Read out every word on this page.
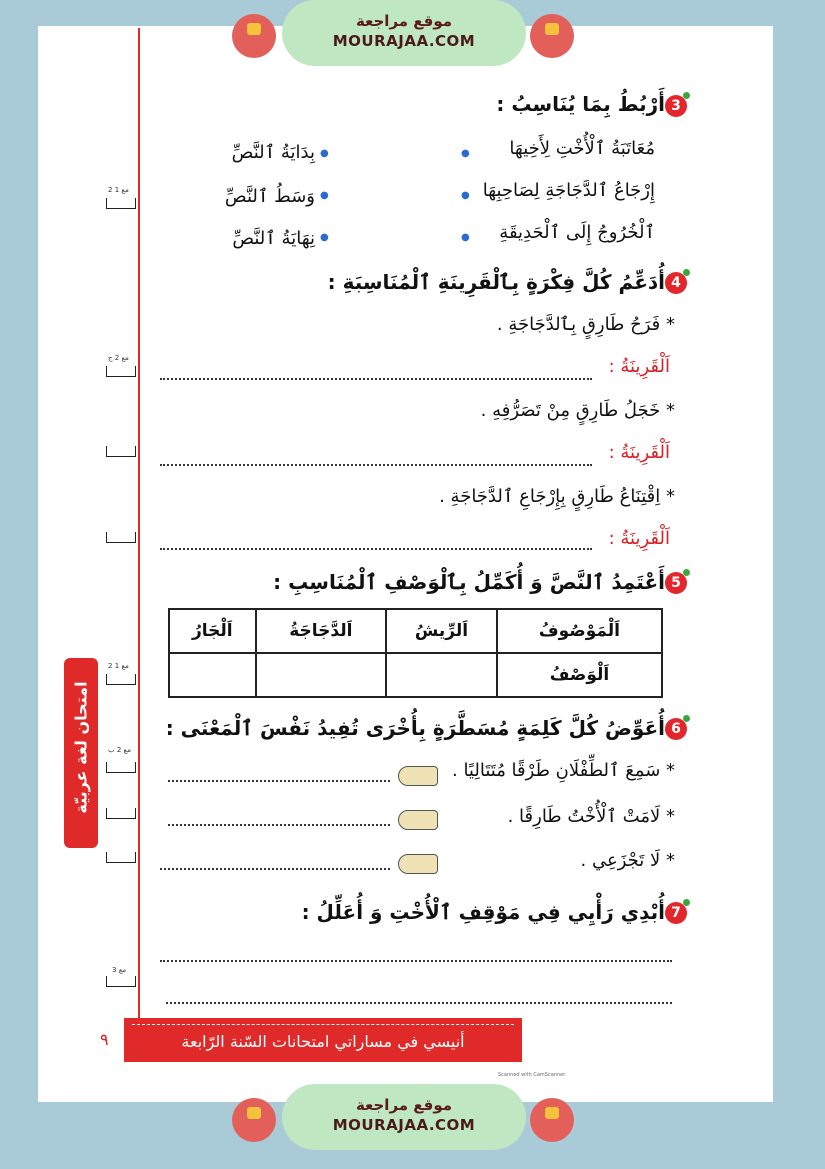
موقع مراجعة
MOURAJAA.COM
3
أَرْبُطُ بِمَا يُنَاسِبُ :
مُعَاتَبَةُ ٱلْأُخْتِ لِأَخِيهَا
إِرْجَاعُ ٱلدَّجَاجَةِ لِصَاحِبِهَا
ٱلْخُرُوجُ إِلَى ٱلْحَدِيقَةِ
●
●
●
●
●
●
بِدَايَةُ ٱلنَّصِّ
وَسَطُ ٱلنَّصِّ
نِهَايَةُ ٱلنَّصِّ
مع 1 2
4
أُدَعِّمُ كُلَّ فِكْرَةٍ بِٱلْقَرِينَةِ ٱلْمُنَاسِبَةِ :
* فَرَحُ طَارِقٍ بِٱلدَّجَاجَةِ .
اَلْقَرِينَةُ :
* خَجَلُ طَارِقٍ مِنْ تَصَرُّفِهِ .
اَلْقَرِينَةُ :
* اِقْتِنَاعُ طَارِقٍ بِإِرْجَاعِ ٱلدَّجَاجَةِ .
اَلْقَرِينَةُ :
مع 2 ج
5
أَعْتَمِدُ ٱلنَّصَّ وَ أُكَمِّلُ بِٱلْوَصْفِ ٱلْمُنَاسِبِ :
اَلْمَوْصُوفُ	اَلرِّيشُ	اَلدَّجَاجَةُ	اَلْجَارُ
اَلْوَصْفُ			
مع 1 2
امتحان لغة عربيّة	6
أُعَوِّضُ كُلَّ كَلِمَةٍ مُسَطَّرَةٍ بِأُخْرَى تُفِيدُ نَفْسَ ٱلْمَعْنَى :
* سَمِعَ ٱلطِّفْلَانِ طَرْقًا مُتَتَالِيًا .
* لَامَتْ ٱلْأُخْتُ طَارِقًا .
* لَا تَجْزَعِي .
مع 2 ب
7
أُبْدِي رَأْيِي فِي مَوْقِفِ ٱلْأُخْتِ وَ أُعَلِّلُ :
مع 3
٩	أنيسي في مساراتي امتحانات السّنة الرّابعة
Scanned with CamScanner
موقع مراجعة
MOURAJAA.COM
